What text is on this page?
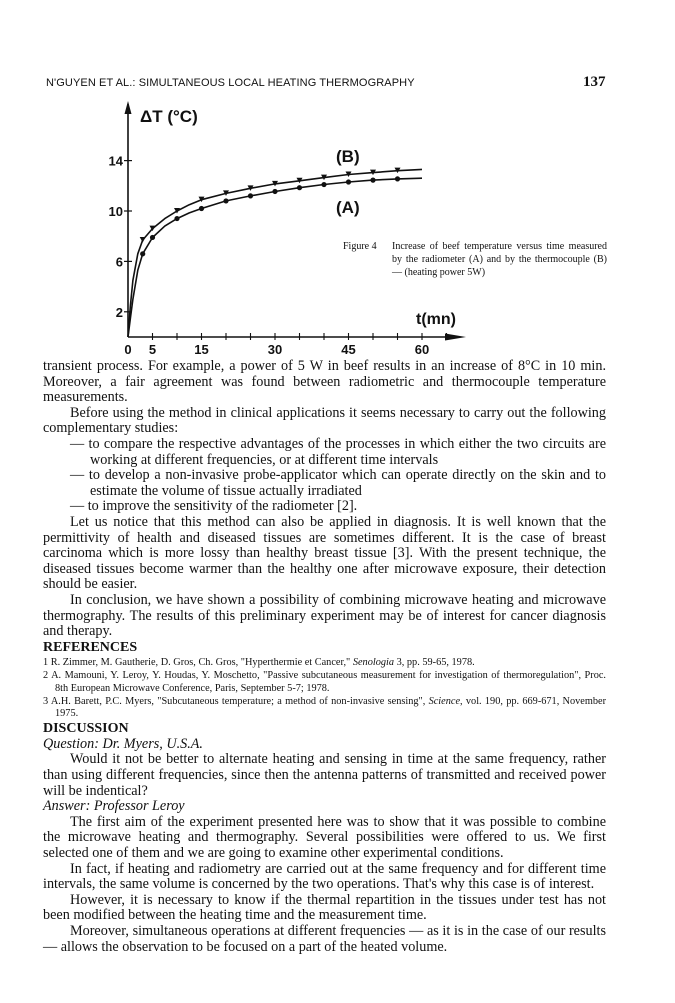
N'GUYEN ET AL.: SIMULTANEOUS LOCAL HEATING THERMOGRAPHY	137
0 5	15	30	45	60
2
6
10
14
ΔT (°C)
t(mn)
(B)
(A)
Figure 4 Increase of beef temperature versus time measured by the radiometer (A) and by the thermocouple (B) — (heating power 5W)

transient process. For example, a power of 5 W in beef results in an increase of 8°C in 10 min. Moreover, a fair agreement was found between radiometric and thermocouple temperature measurements.

Before using the method in clinical applications it seems necessary to carry out the following complementary studies:

— to compare the respective advantages of the processes in which either the two circuits are working at different frequencies, or at different time intervals

— to develop a non-invasive probe-applicator which can operate directly on the skin and to estimate the volume of tissue actually irradiated

— to improve the sensitivity of the radiometer [2].

Let us notice that this method can also be applied in diagnosis. It is well known that the permittivity of health and diseased tissues are sometimes different. It is the case of breast carcinoma which is more lossy than healthy breast tissue [3]. With the present technique, the diseased tissues become warmer than the healthy one after microwave exposure, their detection should be easier.

In conclusion, we have shown a possibility of combining microwave heating and microwave thermography. The results of this preliminary experiment may be of interest for cancer diagnosis and therapy.

REFERENCES

1 R. Zimmer, M. Gautherie, D. Gros, Ch. Gros, "Hyperthermie et Cancer," Senologia 3, pp. 59-65, 1978.

2 A. Mamouni, Y. Leroy, Y. Houdas, Y. Moschetto, "Passive subcutaneous measurement for investigation of thermoregulation", Proc. 8th European Microwave Conference, Paris, September 5-7; 1978.

3 A.H. Barett, P.C. Myers, "Subcutaneous temperature; a method of non-invasive sensing", Science, vol. 190, pp. 669-671, November 1975.

DISCUSSION

Question: Dr. Myers, U.S.A.

Would it not be better to alternate heating and sensing in time at the same frequency, rather than using different frequencies, since then the antenna patterns of transmitted and received power will be indentical?

Answer: Professor Leroy

The first aim of the experiment presented here was to show that it was possible to combine the microwave heating and thermography. Several possibilities were offered to us. We first selected one of them and we are going to examine other experimental conditions.

In fact, if heating and radiometry are carried out at the same frequency and for different time intervals, the same volume is concerned by the two operations. That's why this case is of interest.

However, it is necessary to know if the thermal repartition in the tissues under test has not been modified between the heating time and the measurement time.

Moreover, simultaneous operations at different frequencies — as it is in the case of our results — allows the observation to be focused on a part of the heated volume.
